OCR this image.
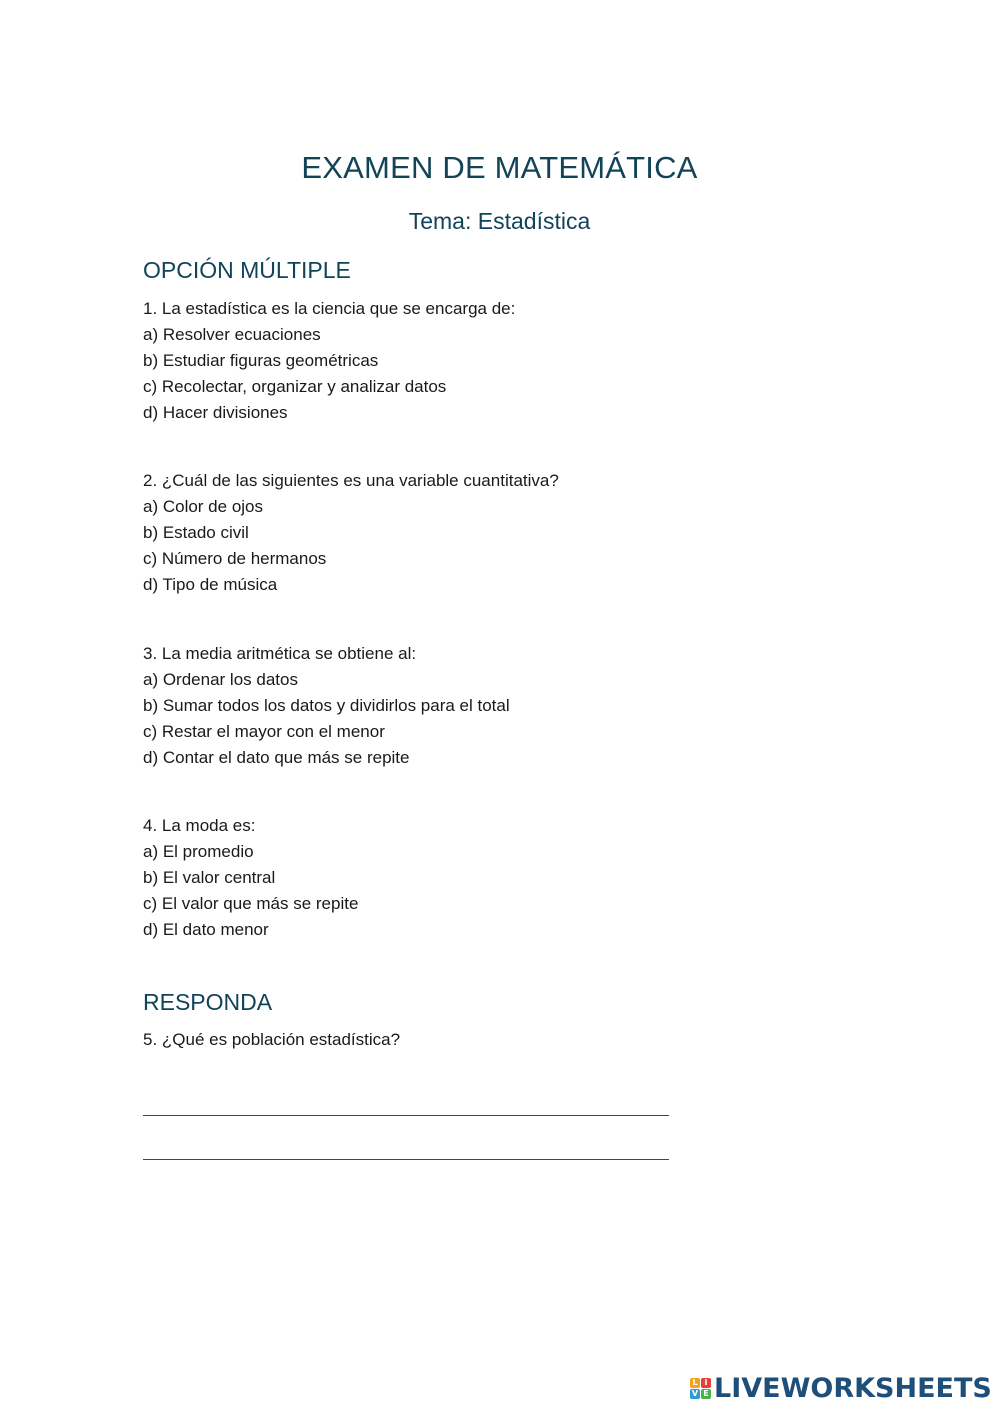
EXAMEN DE MATEMÁTICA
Tema: Estadística
OPCIÓN MÚLTIPLE
1. La estadística es la ciencia que se encarga de:
a) Resolver ecuaciones
b) Estudiar figuras geométricas
c) Recolectar, organizar y analizar datos
d) Hacer divisiones
2. ¿Cuál de las siguientes es una variable cuantitativa?
a) Color de ojos
b) Estado civil
c) Número de hermanos
d) Tipo de música
3. La media aritmética se obtiene al:
a) Ordenar los datos
b) Sumar todos los datos y dividirlos para el total
c) Restar el mayor con el menor
d) Contar el dato que más se repite
4. La moda es:
a) El promedio
b) El valor central
c) El valor que más se repite
d) El dato menor
RESPONDA
5. ¿Qué es población estadística?
L I
V E LIVEWORKSHEETS
